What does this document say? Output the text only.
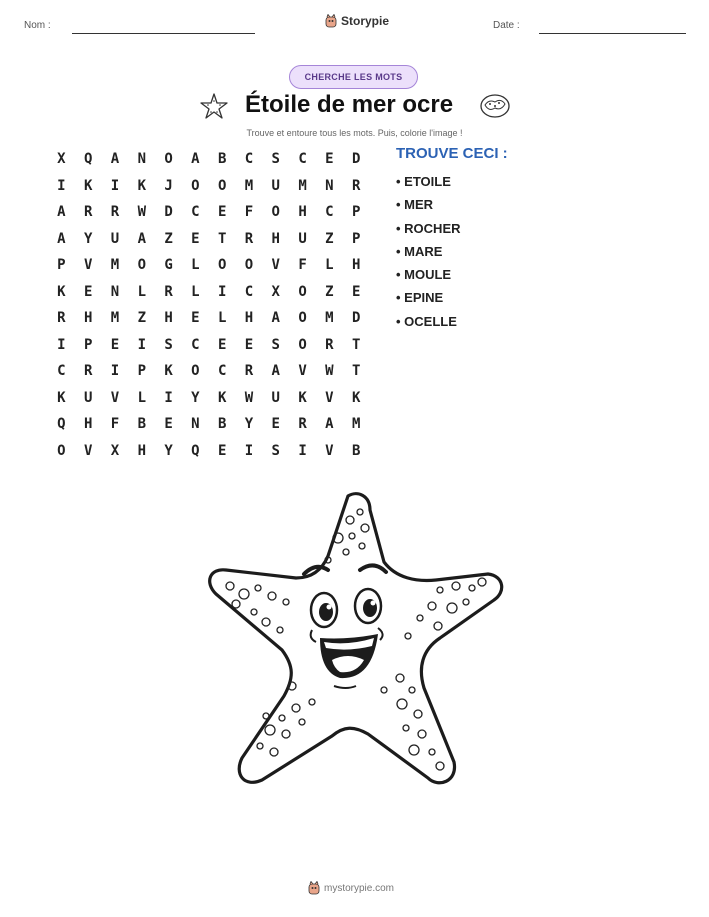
Nom :	Storypie	Date :
CHERCHE LES MOTS
Étoile de mer ocre
Trouve et entoure tous les mots. Puis, colorie l'image !
X	Q	A	N	O	A	B	C	S	C	E	D
I	K	I	K	J	O	O	M	U	M	N	R
A	R	R	W	D	C	E	F	O	H	C	P
A	Y	U	A	Z	E	T	R	H	U	Z	P
P	V	M	O	G	L	O	O	V	F	L	H
K	E	N	L	R	L	I	C	X	O	Z	E
R	H	M	Z	H	E	L	H	A	O	M	D
I	P	E	I	S	C	E	E	S	O	R	T
C	R	I	P	K	O	C	R	A	V	W	T
K	U	V	L	I	Y	K	W	U	K	V	K
Q	H	F	B	E	N	B	Y	E	R	A	M
O	V	X	H	Y	Q	E	I	S	I	V	B
TROUVE CECI :
• ETOILE
• MER
• ROCHER
• MARE
• MOULE
• EPINE
• OCELLE
mystorypie.com
